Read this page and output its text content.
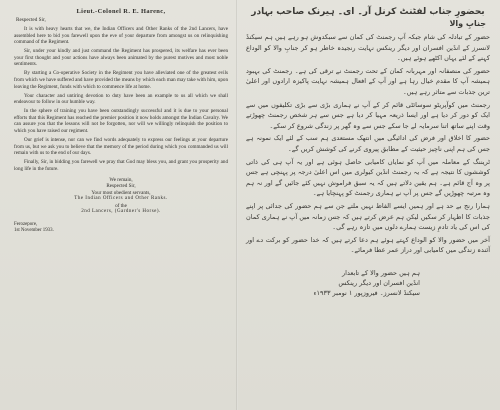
Lieut.-Colonel R. E. Harenc,
Respected Sir,

It is with heavy hearts that we, the Indian Officers and Other Ranks of the 2nd Lancers, have assembled here to bid you farewell upon the eve of your departure from amongst us on relinquishing command of the Regiment.

Sir, under your kindly and just command the Regiment has prospered, its welfare has ever been your first thought and your actions have always been animated by the purest motives and most noble sentiments.

By starting a Co-operative Society in the Regiment you have alleviated one of the greatest evils from which we have suffered and have provided the means by which each man may take with him, upon leaving the Regiment, funds with which to commence life at home.

Your character and untiring devotion to duty have been an example to us all which we shall endeavour to follow in our humble way.

In the sphere of training you have been outstandingly successful and it is due to your personal efforts that this Regiment has reached the premier position it now holds amongst the Indian Cavalry. We can assure you that the lessons will not be forgotten, nor will we willingly relinquish the position to which you have raised our regiment.

Our grief is intense, nor can we find words adequately to express our feelings at your departure from us, but we ask you to believe that the memory of the period during which you commanded us will remain with us to the end of our days.

Finally, Sir, in bidding you farewell we pray that God may bless you, and grant you prosperity and long life in the future.

We remain,
Respected Sir,
Your most obedient servants,
The Indian Officers and Other Ranks.
of the
2nd Lancers, (Gardner's Horse).
Ferozepore,
1st November 1933.
بحضورِ جناب لفٹنٹ کرنل آر۔ ای۔ ہیرنک صاحب بہادر
جنابِ والا

حضور کے تبادلہ کی شام جبکہ آپ رجمنٹ کی کمان سے سبکدوش ہو رہے ہیں ہم سیکنڈ لانسرز کے انڈین افسران اور دیگر رینکس نہایت رنجیدہ خاطر ہو کر جنابِ والا کو الوداع کہنے کے لئے یہاں اکٹھے ہوئے ہیں۔

حضور کی منصفانہ اور مہربانہ کمان کے تحت رجمنٹ نے ترقی کی ہے۔ رجمنٹ کی بہبود ہمیشہ آپ کا مقدم خیال رہا ہے اور آپ کے افعال ہمیشہ نہایت پاکیزہ ارادوں اور اعلیٰ ترین جذبات سے متاثر رہے ہیں۔

رجمنٹ میں کوآپریٹو سوسائٹی قائم کر کے آپ نے ہماری بڑی سے بڑی تکلیفوں میں سے ایک کو دور کر دیا ہے اور ایسا ذریعہ مہیا کر دیا ہے جس سے ہر شخص رجمنٹ چھوڑتے وقت اپنے ساتھ اتنا سرمایہ لے جا سکے جس سے وہ گھر پر زندگی شروع کر سکے۔

حضور کا اخلاق اور فرض کی ادائیگی میں انتھک مستعدی ہم سب کے لئے ایک نمونہ ہے جس کی ہم اپنی ناچیز حیثیت کے مطابق پیروی کرنے کی کوشش کریں گے۔

ٹریننگ کے معاملہ میں آپ کو نمایاں کامیابی حاصل ہوئی ہے اور یہ آپ ہی کی ذاتی کوششوں کا نتیجہ ہے کہ یہ رجمنٹ انڈین کیولری میں اس اعلیٰ درجہ پر پہنچی ہے جس پر وہ آج قائم ہے۔ ہم یقین دلاتے ہیں کہ یہ سبق فراموش نہیں کئے جائیں گے اور نہ ہم وہ مرتبہ چھوڑیں گے جس پر آپ نے ہماری رجمنٹ کو پہنچایا ہے۔

ہمارا رنج بے حد ہے اور ہمیں ایسے الفاظ نہیں ملتے جن سے ہم حضور کی جدائی پر اپنے جذبات کا اظہار کر سکیں لیکن ہم عرض کرتے ہیں کہ جس زمانہ میں آپ نے ہماری کمان کی اس کی یاد تادمِ زیست ہمارے دلوں میں تازہ رہے گی۔

آخر میں حضور والا کو الوداع کہتے ہوئے ہم دعا کرتے ہیں کہ خدا حضور کو برکت دے اور آئندہ زندگی میں کامیابی اور دراز عمر عطا فرمائے۔

ہم ہیں حضور والا کے تابعدار
انڈین افسران اور دیگر رینکس
سیکنڈ لانسرز۔ فیروزپور ۱ نومبر ۱۹۳۳ء
